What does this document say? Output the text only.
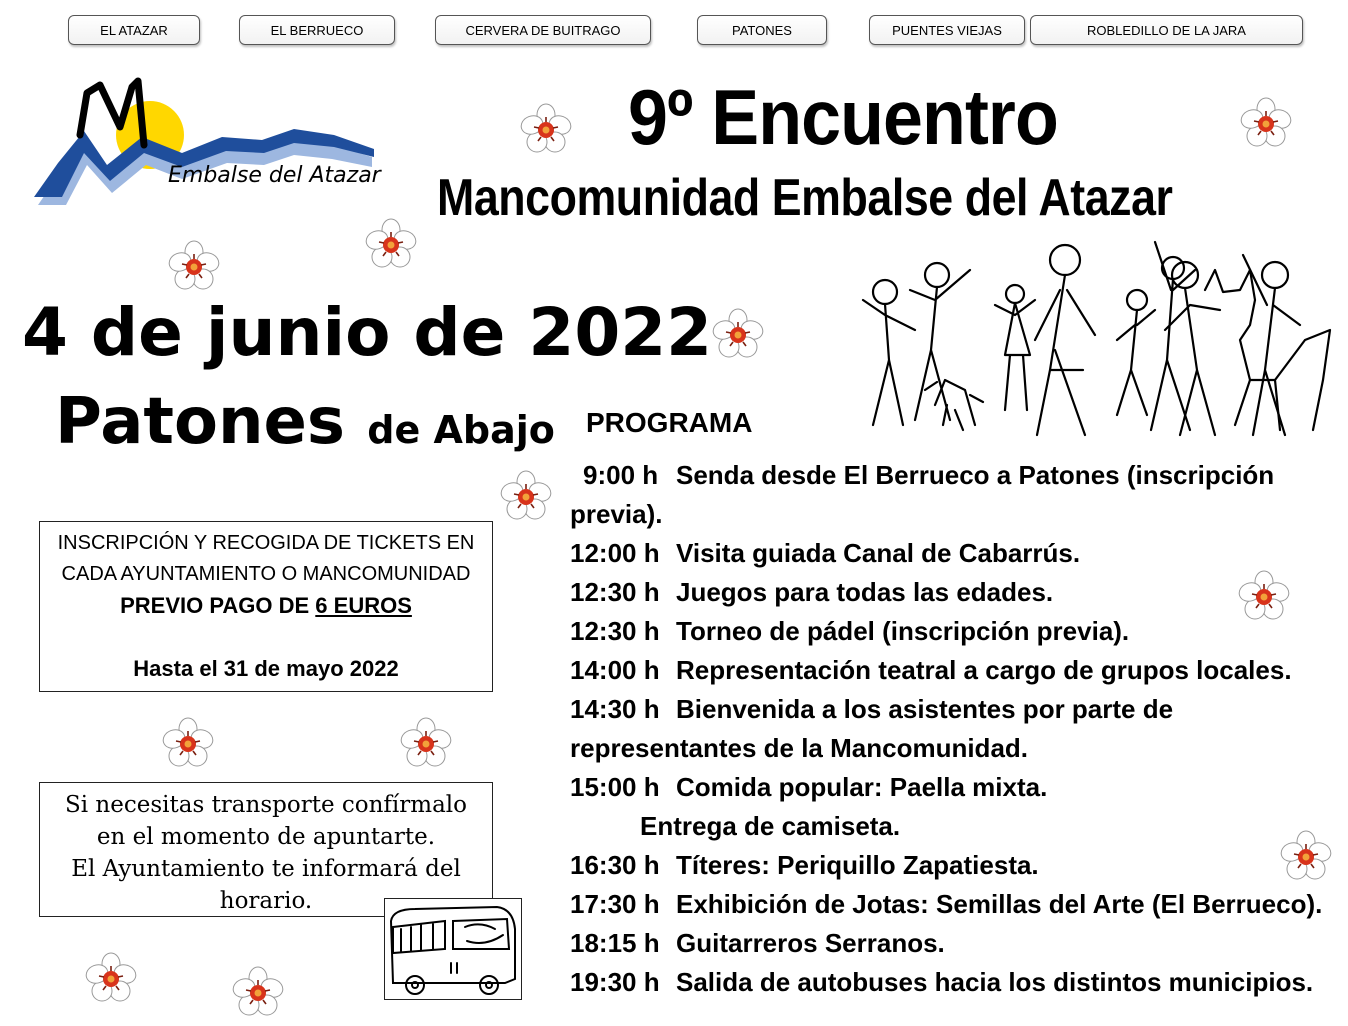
EL ATAZAR	EL BERRUECO	CERVERA DE BUITRAGO	PATONES	PUENTES VIEJAS	ROBLEDILLO DE LA JARA
Embalse del Atazar
9º Encuentro
Mancomunidad Embalse del Atazar
4 de junio de 2022
Patones de Abajo
INSCRIPCIÓN Y RECOGIDA DE TICKETS EN
CADA AYUNTAMIENTO O MANCOMUNIDAD
PREVIO PAGO DE 6 EUROS
Hasta el 31 de mayo 2022
Si necesitas transporte confírmalo
en el momento de apuntarte.
El Ayuntamiento te informará del
horario.
PROGRAMA
9:00 h Senda desde El Berrueco a Patones (inscripción
previa).
12:00 h Visita guiada Canal de Cabarrús.
12:30 h Juegos para todas las edades.
12:30 h Torneo de pádel (inscripción previa).
14:00 h Representación teatral a cargo de grupos locales.
14:30 h Bienvenida a los asistentes por parte de
representantes de la Mancomunidad.
15:00 h Comida popular: Paella mixta.
Entrega de camiseta.
16:30 h Títeres: Periquillo Zapatiesta.
17:30 h Exhibición de Jotas: Semillas del Arte (El Berrueco).
18:15 h Guitarreros Serranos.
19:30 h Salida de autobuses hacia los distintos municipios.
